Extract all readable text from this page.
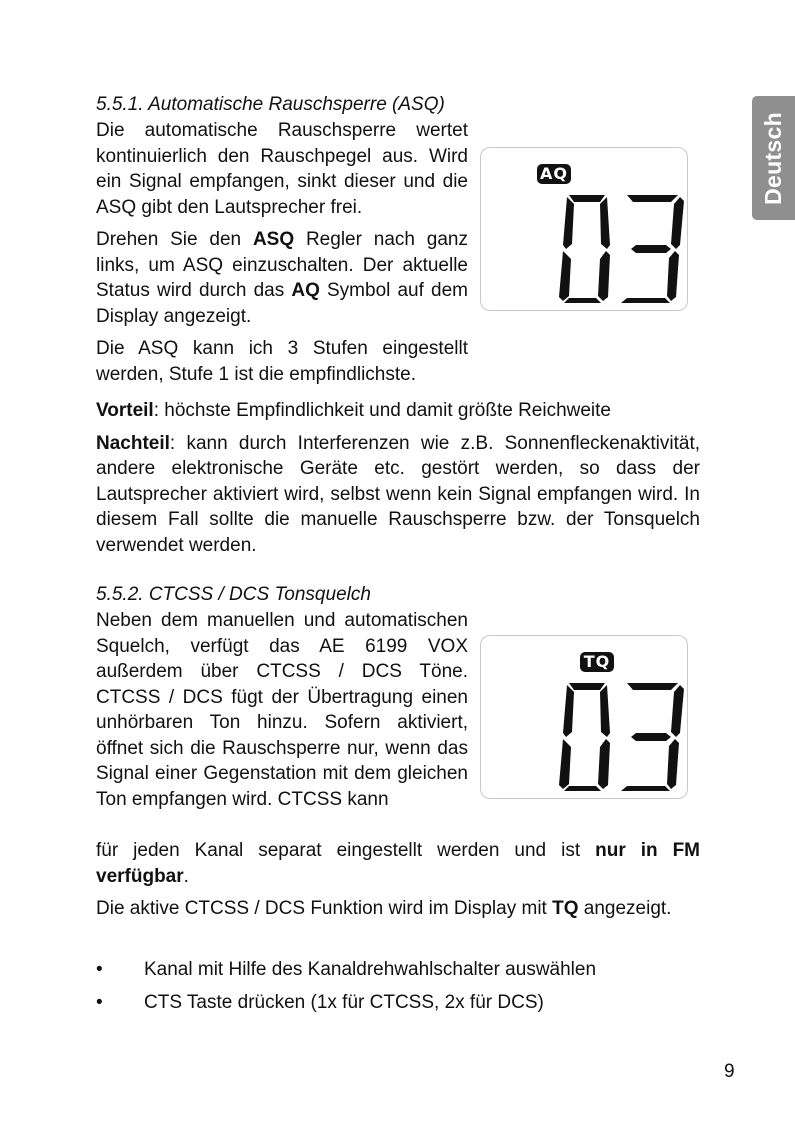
Deutsch

5.5.1. Automatische Rauschsperre (ASQ)

Die automatische Rauschsperre wertet kontinuierlich den Rauschpegel aus. Wird ein Signal empfangen, sinkt dieser und die ASQ gibt den Lautsprecher frei.

Drehen Sie den ASQ Regler nach ganz links, um ASQ einzuschalten. Der aktuelle Status wird durch das AQ Symbol auf dem Display angezeigt.

Die ASQ kann ich 3 Stufen eingestellt werden, Stufe 1 ist die empfindlichste.

Vorteil: höchste Empfindlichkeit und damit größte Reichweite

Nachteil: kann durch Interferenzen wie z.B. Sonnenfleckenaktivität, andere elektronische Geräte etc. gestört werden, so dass der Lautsprecher aktiviert wird, selbst wenn kein Signal empfangen wird. In diesem Fall sollte die manuelle Rauschsperre bzw. der Tonsquelch verwendet werden.

AQ

5.5.2. CTCSS / DCS Tonsquelch

Neben dem manuellen und automatischen Squelch, verfügt das AE 6199 VOX außerdem über CTCSS / DCS Töne. CTCSS / DCS fügt der Übertragung einen unhörbaren Ton hinzu. Sofern aktiviert, öffnet sich die Rauschsperre nur, wenn das Signal einer Gegenstation mit dem gleichen Ton empfangen wird. CTCSS kann

für jeden Kanal separat eingestellt werden und ist nur in FM verfügbar.

Die aktive CTCSS / DCS Funktion wird im Display mit TQ angezeigt.

TQ
• Kanal mit Hilfe des Kanaldrehwahlschalter auswählen
• CTS Taste drücken (1x für CTCSS, 2x für DCS)
9
